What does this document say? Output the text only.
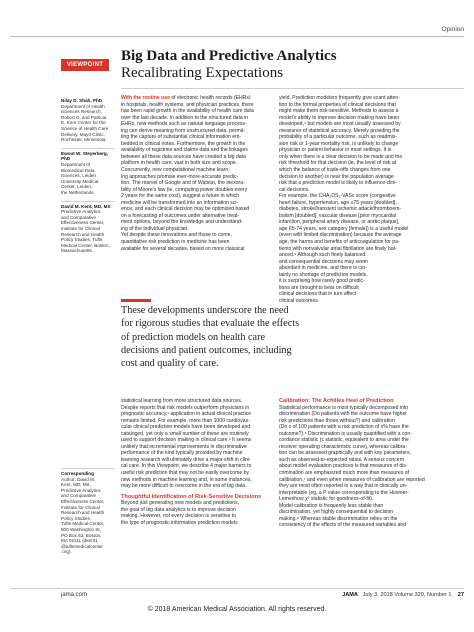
Opinion
VIEWPOINT
Big Data and Predictive Analytics
Recalibrating Expectations
Nilay D. Shah, PhD
Department of Health
Sciences Research,
Robert D. and Patricia
E. Kern Center for the
Science of Health Care
Delivery, Mayo Clinic,
Rochester, Minnesota.
Ewout W. Steyerberg,
PhD
Department of
Biomedical Data
Sciences, Leiden
University Medical
Center, Leiden,
the Netherlands.
David M. Kent, MD, MS
Predictive Analytics
and Comparative
Effectiveness Center,
Institute for Clinical
Research and Health
Policy Studies, Tufts
Medical Center, Boston,
Massachusetts.
Corresponding
Author: David M.
Kent, MD, MS,
Predictive Analytics
and Comparative
Effectiveness Center,
Institute for Clinical
Research and Health
Policy Studies,
Tufts Medical Center,
800 Washington St,
PO Box 63, Boston,
MA 02111 (dkent1
@tuftsmedicalcenter
.org).
With the routine use of electronic health records (EHRs)
in hospitals, health systems, and physician practices, there
has been rapid growth in the availability of health care data
over the last decade. In addition to the structured data in
EHRs, new methods such as natural language process-
ing can derive meaning from unstructured data, permit-
ting the capture of substantial clinical information em-
bedded in clinical notes. Furthermore, the growth in the
availability of registries and claims data and the linkages
between all these data sources have created a big data
platform in health care, vast in both size and scope.
Concurrently, new computational machine learn-
ing approaches promise ever-more-accurate predic-
tion. The marvel of Google and of Watson, the inexora-
bility of Moore's law (ie, computing power doubles every
2 years for the same cost), suggest a future in which
medicine will be transformed into an information sci-
ence, and each clinical decision may be optimized based
on a forecasting of outcomes under alternative treat-
ment options, beyond the knowledge and understand-
ing of the individual physician.
Yet despite these innovations and those to come,
quantitative risk prediction in medicine has been
available for several decades, based on more classical
yield. Prediction modelers frequently give scant atten-
tion to the formal properties of clinical decisions that
might make them risk-sensitive. Methods to assess a
model's ability to improve decision making have been
developed,⁴ but models are most usually assessed by
measures of statistical accuracy. Merely providing the
probability of a particular outcome, such as readmis-
sion risk or 1-year mortality risk, is unlikely to change
physician or patient behavior in most settings. It is
only when there is a clear decision to be made and the
risk threshold for that decision (ie, the level of risk at
which the balance of trade-offs changes from one
decision to another) is near the population average
risk that a prediction model is likely to influence clini-
cal decisions.
For example, the CHA₂DS₂-VASc score (congestive
heart failure, hypertension, age ≥75 years [doubled],
diabetes, stroke/transient ischemic attack/thromboem-
bolism [doubled], vascular disease [prior myocardial
infarction, peripheral artery disease, or aortic plaque],
age 65-74 years, sex category [female]) is a useful model
(even with limited discrimination) because the average
age, the harms and benefits of anticoagulation for pa-
tients with nonvalvular atrial fibrillation are finely bal-
anced.⁵ Although such finely balanced
and consequential decisions may seem
abundant in medicine, and there is cer-
tainly no shortage of prediction models,
it is surprising how rarely good predic-
tions are brought to bear on difficult
clinical decisions that in turn affect
clinical outcomes.
These developments underscore the need
for rigorous studies that evaluate the effects
of prediction models on health care
decisions and patient outcomes, including
cost and quality of care.
statistical learning from more structured data sources.
Despite reports that risk models outperform physicians in
prognostic accuracy,¹ application in actual clinical practice
remains limited. For example, more than 1000 cardiovas-
cular clinical prediction models have been developed and
cataloged, yet only a small number of these are routinely
used to support decision making in clinical care.² It seems
unlikely that incremental improvements in discriminative
performance of the kind typically provided by machine
learning research will ultimately drive a major shift in clini-
cal care. In this Viewpoint, we describe 4 major barriers to
useful risk prediction that may not be easily overcome by
new methods in machine learning and, in some instances,
may be more difficult to overcome in the era of big data.
Thoughtful Identification of Risk-Sensitive Decisions
Beyond just generating new models and predictions,
the goal of big data analytics is to improve decision
making. However, not every decision is sensitive to
the type of prognostic information prediction models
Calibration: The Achilles Heel of Prediction
Statistical performance is most typically decomposed into
discrimination (Do patients with the outcome have higher
risk predictions than those without?) and calibration
(Do x of 100 patients with a risk prediction of x% have the
outcome?).⁶ Discrimination is usually quantified with a con-
cordance statistic (c statistic, equivalent to area under the
receiver operating characteristic curve), whereas calibra-
tion can be assessed graphically and with key parameters,
such as observed-to-expected ratios. A serious concern
about model evaluation practices is that measures of dis-
crimination are emphasized much more than measures of
calibration,⁷ and even when measures of calibration are reported
they are most often reported in a way that is clinically un-
interpretable (eg, a P value corresponding to the Hosmer-
Lemeshow χ² statistic for goodness-of-fit).
Model calibration is frequently less stable than
discrimination, yet highly consequential to decision
making.⁸ Whereas stable discrimination relies on the
consistency of the effects of the measured variables and
jama.com	JAMA July 3, 2018 Volume 320, Number 1 27
© 2018 American Medical Association. All rights reserved.
